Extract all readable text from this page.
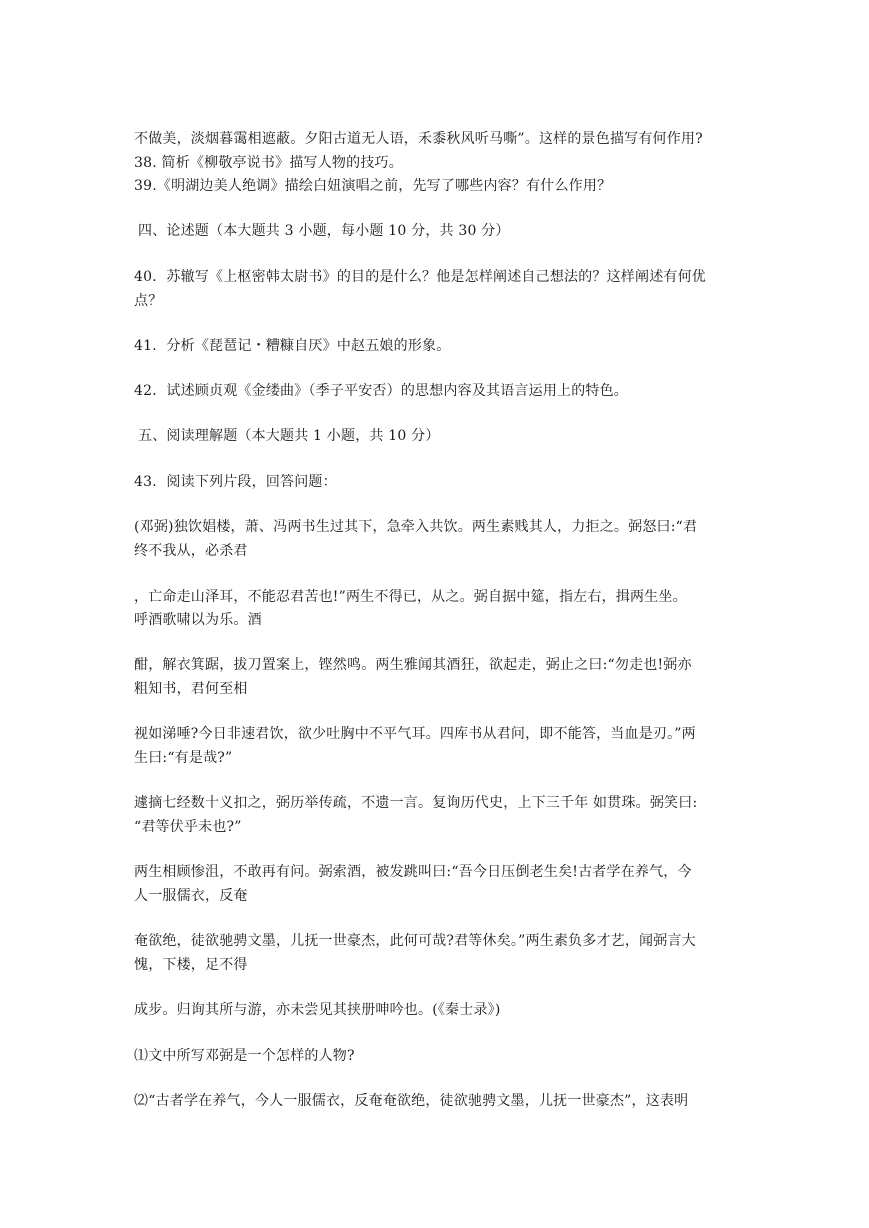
不做美，淡烟暮霭相遮蔽。夕阳古道无人语，禾黍秋风听马嘶”。这样的景色描写有何作用?
38. 简析《柳敬亭说书》描写人物的技巧。
39.《明湖边美人绝调》描绘白妞演唱之前，先写了哪些内容？有什么作用？
四、论述题（本大题共 3 小题，每小题 10 分，共 30 分）
40．苏辙写《上枢密韩太尉书》的目的是什么？他是怎样阐述自己想法的？这样阐述有何优
点？
41．分析《琵琶记・糟糠自厌》中赵五娘的形象。
42．试述顾贞观《金缕曲》（季子平安否）的思想内容及其语言运用上的特色。
五、阅读理解题（本大题共 1 小题，共 10 分）
43．阅读下列片段，回答问题：
(邓弼)独饮娼楼，萧、冯两书生过其下，急牵入共饮。两生素贱其人，力拒之。弼怒曰:“君
终不我从，必杀君
，亡命走山泽耳，不能忍君苦也!”两生不得已，从之。弼自据中筵，指左右，揖两生坐。
呼酒歌啸以为乐。酒
酣，解衣箕踞，拔刀置案上，铿然鸣。两生雅闻其酒狂，欲起走，弼止之曰:“勿走也!弼亦
粗知书，君何至相
视如涕唾?今日非速君饮，欲少吐胸中不平气耳。四库书从君问，即不能答，当血是刃。”两
生曰:“有是哉?”
遽摘七经数十义扣之，弼历举传疏，不遗一言。复询历代史，上下三千年 如贯珠。弼笑曰:
“君等伏乎未也?”
两生相顾惨沮，不敢再有问。弼索酒，被发跳叫曰:“吾今日压倒老生矣!古者学在养气，今
人一服儒衣，反奄
奄欲绝，徒欲驰骋文墨，儿抚一世豪杰，此何可哉?君等休矣。”两生素负多才艺，闻弼言大
愧，下楼，足不得
成步。归询其所与游，亦未尝见其挟册呻吟也。(《秦士录》)
⑴文中所写邓弼是一个怎样的人物?
⑵“古者学在养气，今人一服儒衣，反奄奄欲绝，徒欲驰骋文墨，儿抚一世豪杰”，这表明
